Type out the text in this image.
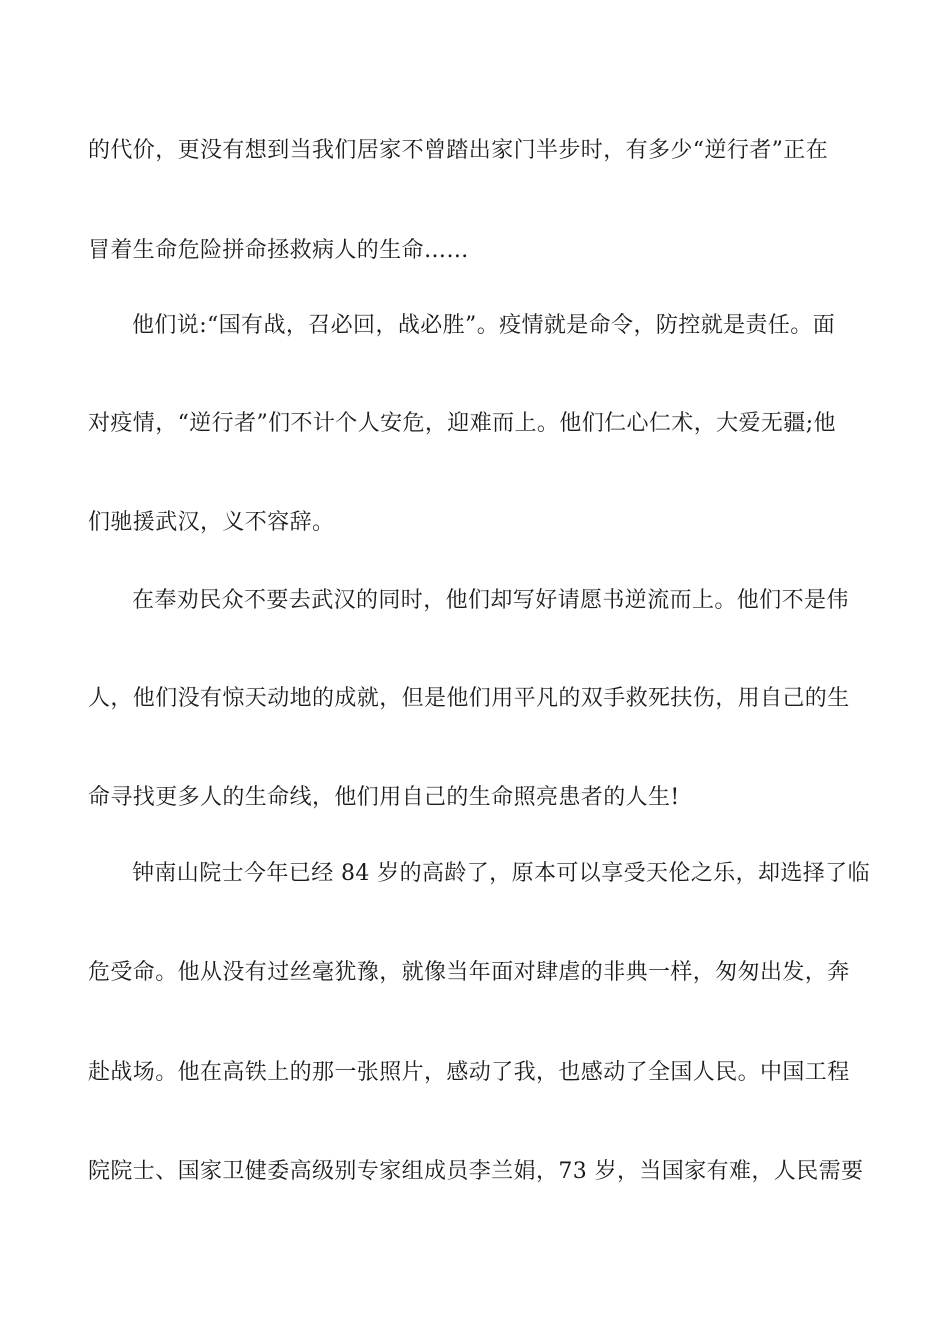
的代价，更没有想到当我们居家不曾踏出家门半步时，有多少“逆行者”正在
冒着生命危险拼命拯救病人的生命……
他们说:“国有战，召必回，战必胜”。疫情就是命令，防控就是责任。面
对疫情，“逆行者”们不计个人安危，迎难而上。他们仁心仁术，大爱无疆;他
们驰援武汉，义不容辞。
在奉劝民众不要去武汉的同时，他们却写好请愿书逆流而上。他们不是伟
人，他们没有惊天动地的成就，但是他们用平凡的双手救死扶伤，用自己的生
命寻找更多人的生命线，他们用自己的生命照亮患者的人生!
钟南山院士今年已经 84 岁的高龄了，原本可以享受天伦之乐，却选择了临
危受命。他从没有过丝毫犹豫，就像当年面对肆虐的非典一样，匆匆出发，奔
赴战场。他在高铁上的那一张照片，感动了我，也感动了全国人民。中国工程
院院士、国家卫健委高级别专家组成员李兰娟，73 岁，当国家有难，人民需要
